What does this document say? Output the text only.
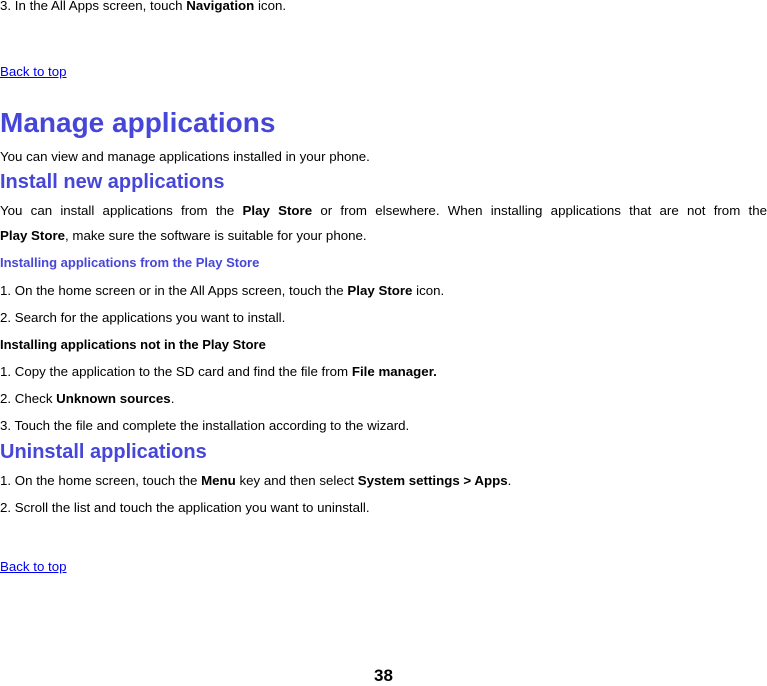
3. In the All Apps screen, touch Navigation icon.
Back to top
Manage applications
You can view and manage applications installed in your phone.
Install new applications
You can install applications from the Play Store or from elsewhere. When installing applications that are not from the
Play Store, make sure the software is suitable for your phone.
Installing applications from the Play Store
1. On the home screen or in the All Apps screen, touch the Play Store icon.
2. Search for the applications you want to install.
Installing applications not in the Play Store
1. Copy the application to the SD card and find the file from File manager.
2. Check Unknown sources.
3. Touch the file and complete the installation according to the wizard.
Uninstall applications
1. On the home screen, touch the Menu key and then select System settings > Apps.
2. Scroll the list and touch the application you want to uninstall.
Back to top
38
